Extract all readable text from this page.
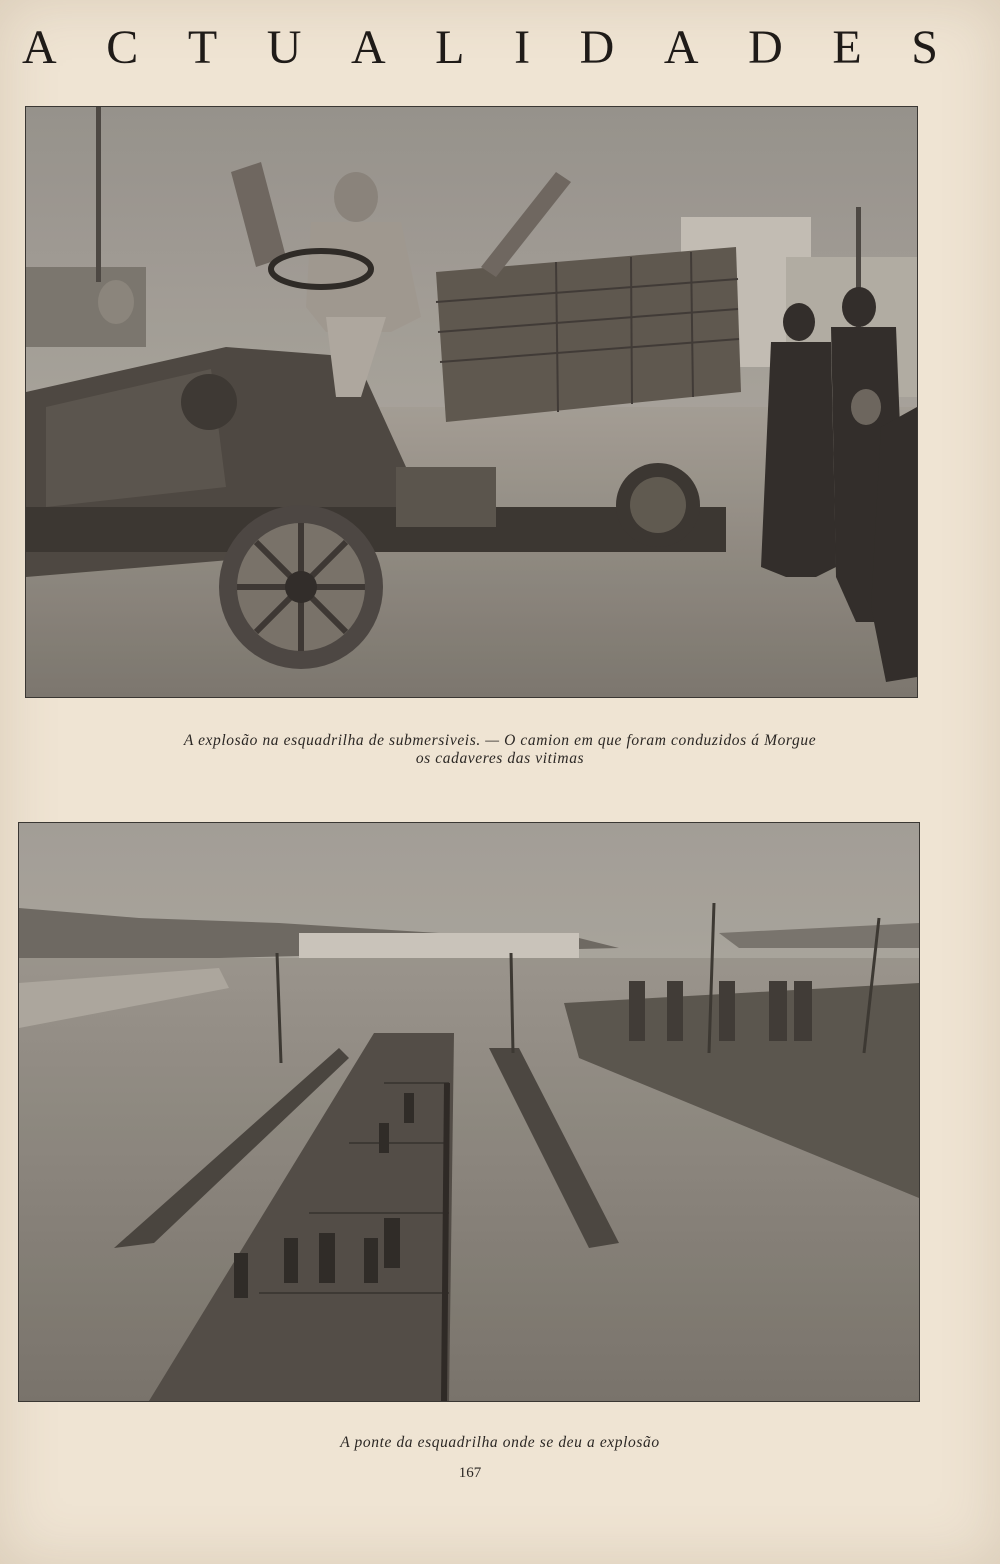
A C T U A L I D A D E S
A explosão na esquadrilha de submersiveis. — O camion em que foram conduzidos á Morgue
os cadaveres das vitimas
A ponte da esquadrilha onde se deu a explosão
167
